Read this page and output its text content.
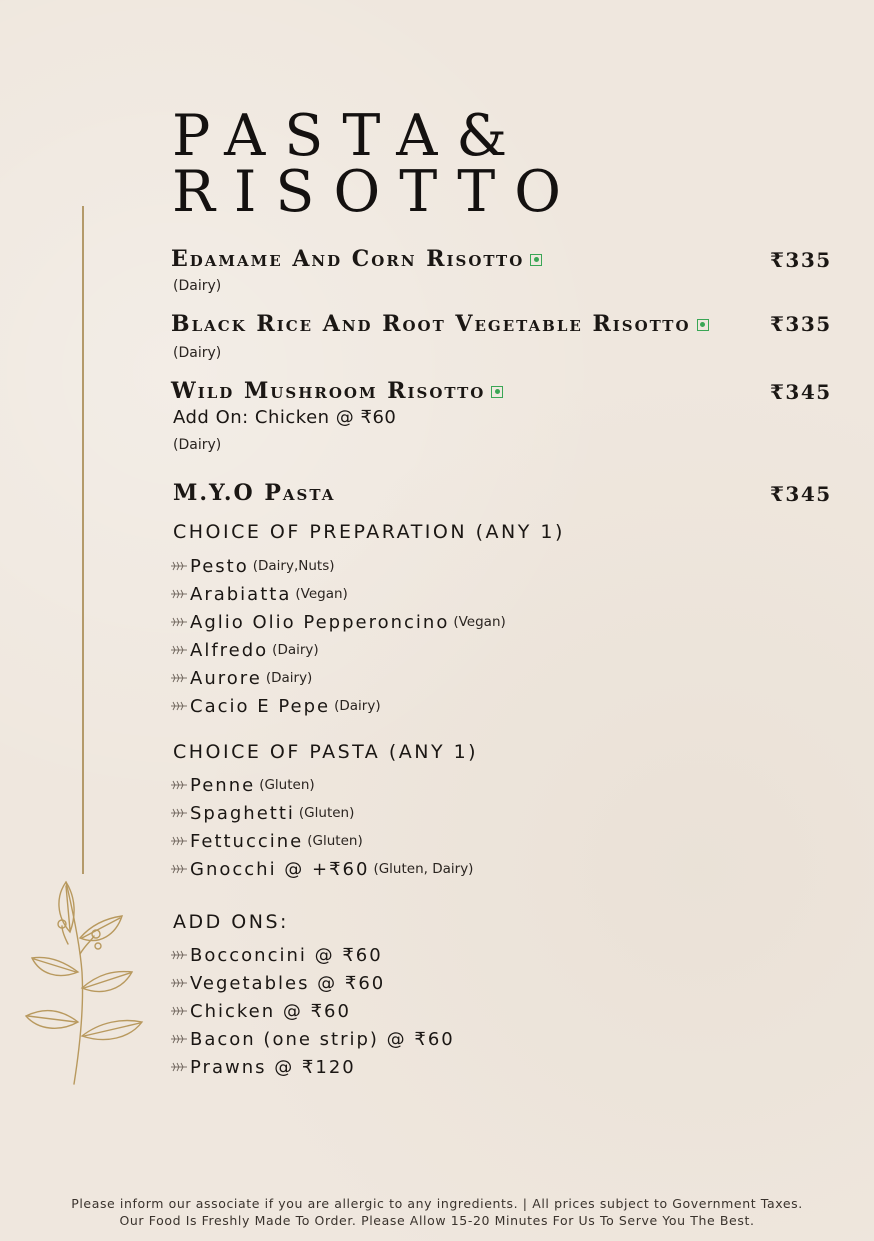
PASTA&
RISOTTO
Edamame And Corn Risotto	₹335
(Dairy)
Black Rice And Root Vegetable Risotto	₹335
(Dairy)
Wild Mushroom Risotto	₹345
Add On: Chicken @ ₹60
(Dairy)
M.Y.O Pasta	₹345
CHOICE OF PREPARATION (ANY 1)
Pesto (Dairy,Nuts)
Arabiatta (Vegan)
Aglio Olio Pepperoncino (Vegan)
Alfredo (Dairy)
Aurore (Dairy)
Cacio E Pepe (Dairy)
CHOICE OF PASTA (ANY 1)
Penne (Gluten)
Spaghetti (Gluten)
Fettuccine (Gluten)
Gnocchi @ +₹60 (Gluten, Dairy)
ADD ONS:
Bocconcini @ ₹60
Vegetables @ ₹60
Chicken @ ₹60
Bacon (one strip) @ ₹60
Prawns @ ₹120
Please inform our associate if you are allergic to any ingredients. | All prices subject to Government Taxes.
Our Food Is Freshly Made To Order. Please Allow 15-20 Minutes For Us To Serve You The Best.
